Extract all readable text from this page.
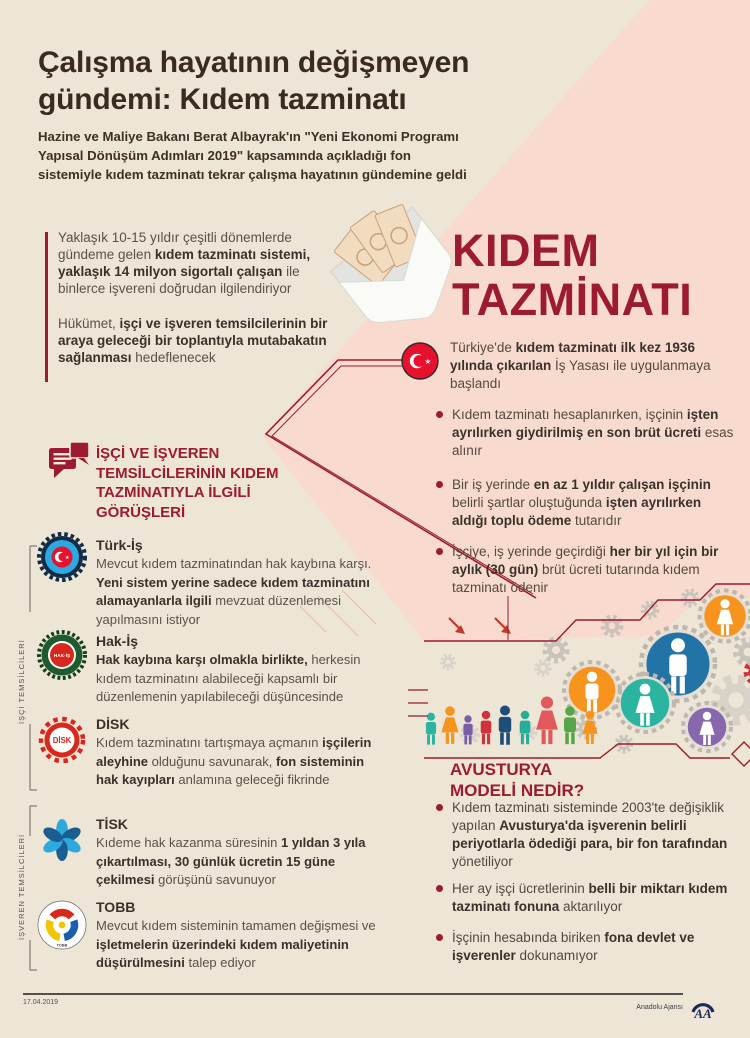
Çalışma hayatının değişmeyen
gündemi: Kıdem tazminatı

Hazine ve Maliye Bakanı Berat Albayrak'ın "Yeni Ekonomi Programı Yapısal Dönüşüm Adımları 2019" kapsamında açıkladığı fon sistemiyle kıdem tazminatı tekrar çalışma hayatının gündemine geldi

Yaklaşık 10-15 yıldır çeşitli dönemlerde gündeme gelen kıdem tazminatı sistemi, yaklaşık 14 milyon sigortalı çalışan ile binlerce işvereni doğrudan ilgilendiriyor

Hükümet, işçi ve işveren temsilcilerinin bir araya geleceği bir toplantıyla mutabakatın sağlanması hedeflenecek

İŞÇİ VE İŞVEREN TEMSİLCİLERİNİN KIDEM TAZMİNATIYLA İLGİLİ GÖRÜŞLERİ
İŞÇİ TEMSİLCİLERİ
İŞVEREN TEMSİLCİLERİ
★
Türk-İş

Mevcut kıdem tazminatından hak kaybına karşı. Yeni sistem yerine sadece kıdem tazminatını alamayanlarla ilgili mevzuat düzenlemesi yapılmasını istiyor

HAK-İŞ
Hak-İş

Hak kaybına karşı olmakla birlikte, herkesin kıdem tazminatını alabileceği kapsamlı bir düzenlemenin yapılabileceği düşüncesinde

DİSK
DİSK

Kıdem tazminatını tartışmaya açmanın işçilerin aleyhine olduğunu savunarak, fon sisteminin hak kayıpları anlamına geleceği fikrinde

TİSK

Kıdeme hak kazanma süresinin 1 yıldan 3 yıla çıkartılması, 30 günlük ücretin 15 güne çekilmesi görüşünü savunuyor

TOBB
TOBB

Mevcut kıdem sisteminin tamamen değişmesi ve işletmelerin üzerindeki kıdem maliyetinin düşürülmesini talep ediyor

KIDEM TAZMİNATI
★

Türkiye'de kıdem tazminatı ilk kez 1936 yılında çıkarılan İş Yasası ile uygulanmaya başlandı

Kıdem tazminatı hesaplanırken, işçinin işten ayrılırken giydirilmiş en son brüt ücreti esas alınır

Bir iş yerinde en az 1 yıldır çalışan işçinin belirli şartlar oluştuğunda işten ayrılırken aldığı toplu ödeme tutarıdır

İşçiye, iş yerinde geçirdiği her bir yıl için bir aylık (30 gün) brüt ücreti tutarında kıdem tazminatı ödenir

AVUSTURYA MODELİ NEDİR?

Kıdem tazminatı sisteminde 2003'te değişiklik yapılan Avusturya'da işverenin belirli periyotlarla ödediği para, bir fon tarafından yönetiliyor

Her ay işçi ücretlerinin belli bir miktarı kıdem tazminatı fonuna aktarılıyor

İşçinin hesabında biriken fona devlet ve işverenler dokunamıyor

17.04.2019
Anadolu Ajansı AA
